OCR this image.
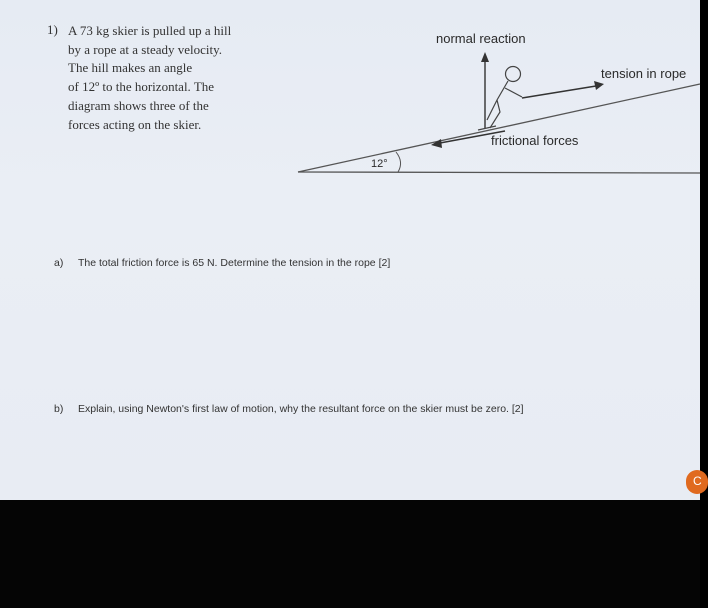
1) A 73 kg skier is pulled up a hill
by a rope at a steady velocity.
The hill makes an angle
of 12º to the horizontal. The
diagram shows three of the
forces acting on the skier.
12°
normal reaction
tension in rope
frictional forces
a) The total friction force is 65 N. Determine the tension in the rope [2]
b) Explain, using Newton's first law of motion, why the resultant force on the skier must be zero. [2]
C
